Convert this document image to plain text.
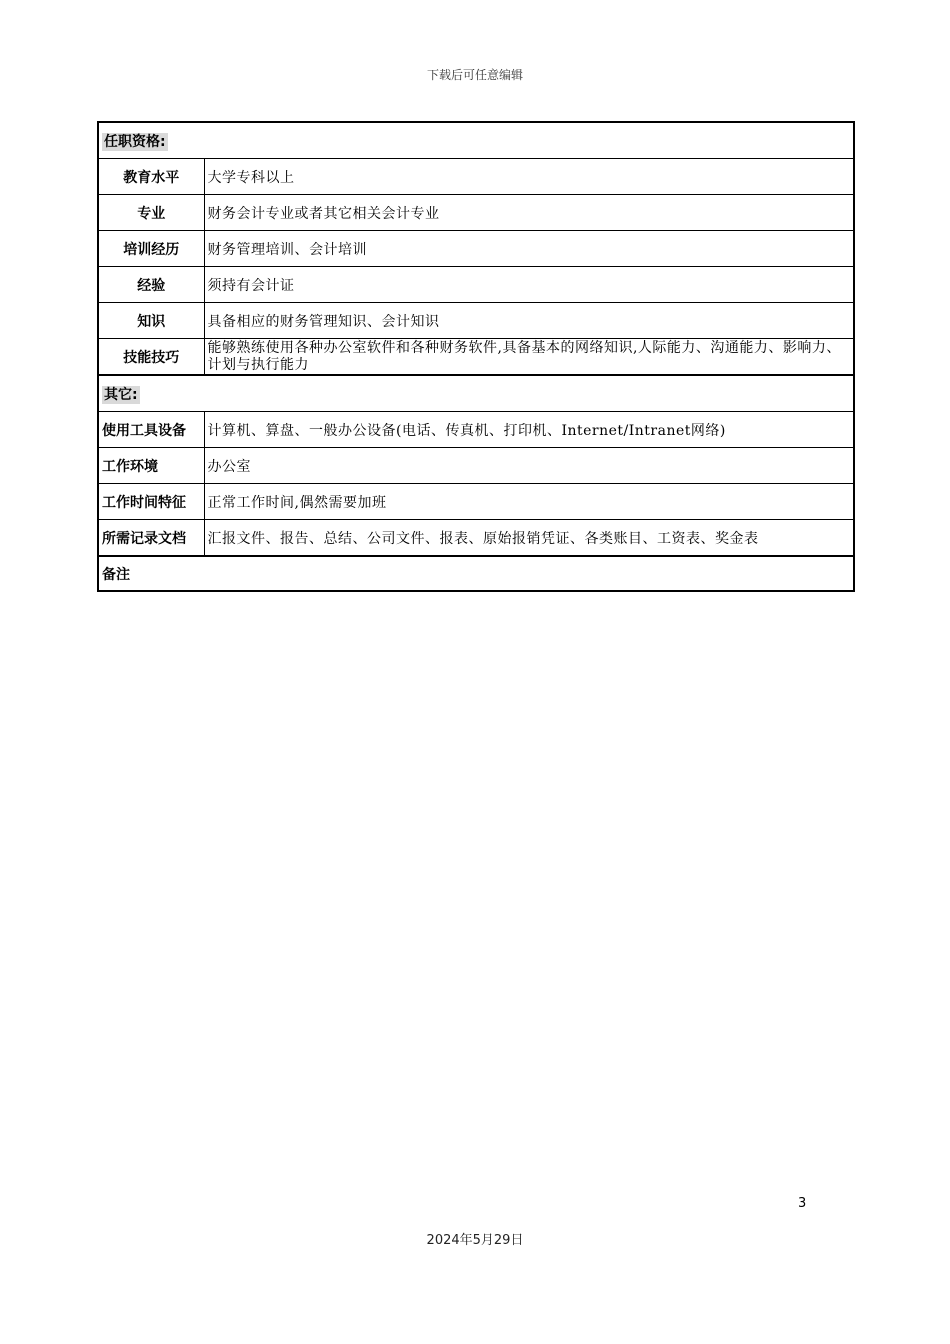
下载后可任意编辑
任职资格:	
教育水平	大学专科以上
专业	财务会计专业或者其它相关会计专业
培训经历	财务管理培训、会计培训
经验	须持有会计证
知识	具备相应的财务管理知识、会计知识
技能技巧	能够熟练使用各种办公室软件和各种财务软件,具备基本的网络知识,人际能力、沟通能力、影响力、计划与执行能力
其它:	
使用工具设备	计算机、算盘、一般办公设备(电话、传真机、打印机、Internet/Intranet网络)
工作环境	办公室
工作时间特征	正常工作时间,偶然需要加班
所需记录文档	汇报文件、报告、总结、公司文件、报表、原始报销凭证、各类账目、工资表、奖金表
备注	
3
2024年5月29日
